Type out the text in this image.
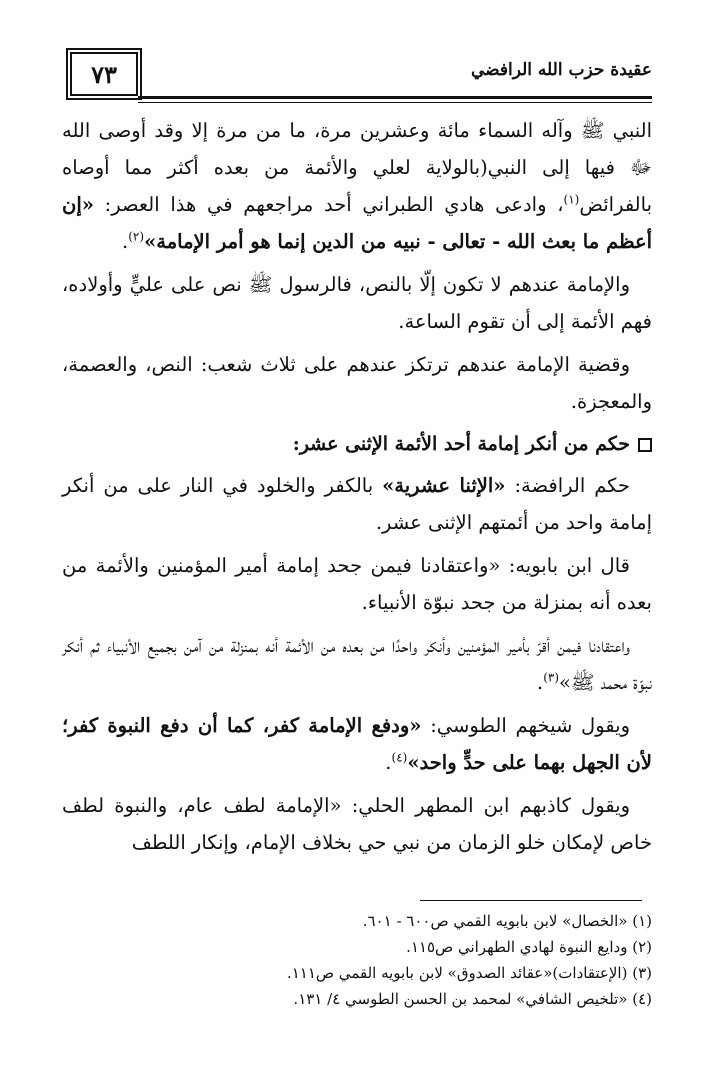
عقيدة حزب الله الرافضي
٧٣

النبي ﷺ وآله السماء مائة وعشرين مرة، ما من مرة إلا وقد أوصى الله ﷻ فيها إلى النبي(بالولاية لعلي والأئمة من بعده أكثر مما أوصاه بالفرائض$^{(١)}$، وادعى هادي الطبراني أحد مراجعهم في هذا العصر: «إن أعظم ما بعث الله - تعالى - نبيه من الدين إنما هو أمر الإمامة»$^{(٢)}$.

والإمامة عندهم لا تكون إلّا بالنص، فالرسول ﷺ نص على عليٍّ وأولاده، فهم الأئمة إلى أن تقوم الساعة.

وقضية الإمامة عندهم ترتكز عندهم على ثلاث شعب: النص، والعصمة، والمعجزة.

حكم من أنكر إمامة أحد الأئمة الإثنى عشر:

حكم الرافضة: «الإثنا عشرية» بالكفر والخلود في النار على من أنكر إمامة واحد من أئمتهم الإثنى عشر.

قال ابن بابويه: «واعتقادنا فيمن جحد إمامة أمير المؤمنين والأئمة من بعده أنه بمنزلة من جحد نبوّة الأنبياء.

واعتقادنا فيمن أقرّ بأمير المؤمنين وأنكر واحدًا من بعده من الأئمة أنه بمنزلة من آمن بجميع الأنبياء ثم أنكر نبوّة محمد ﷺ»$^{(٣)}$.

ويقول شيخهم الطوسي: «ودفع الإمامة كفر، كما أن دفع النبوة كفر؛ لأن الجهل بهما على حدٍّ واحد»$^{(٤)}$.

ويقول كاذبهم ابن المطهر الحلي: «الإمامة لطف عام، والنبوة لطف خاص لإمكان خلو الزمان من نبي حي بخلاف الإمام، وإنكار اللطف

(١) «الخصال» لابن بابويه القمي ص٦٠٠ - ٦٠١.
(٢) ودايع النبوة لهادي الطهراني ص١١٥.
(٣) (الإعتقادات)«عقائد الصدوق» لابن بابويه القمي ص١١١.
(٤) «تلخيص الشافي» لمحمد بن الحسن الطوسي ٤/ ١٣١.
